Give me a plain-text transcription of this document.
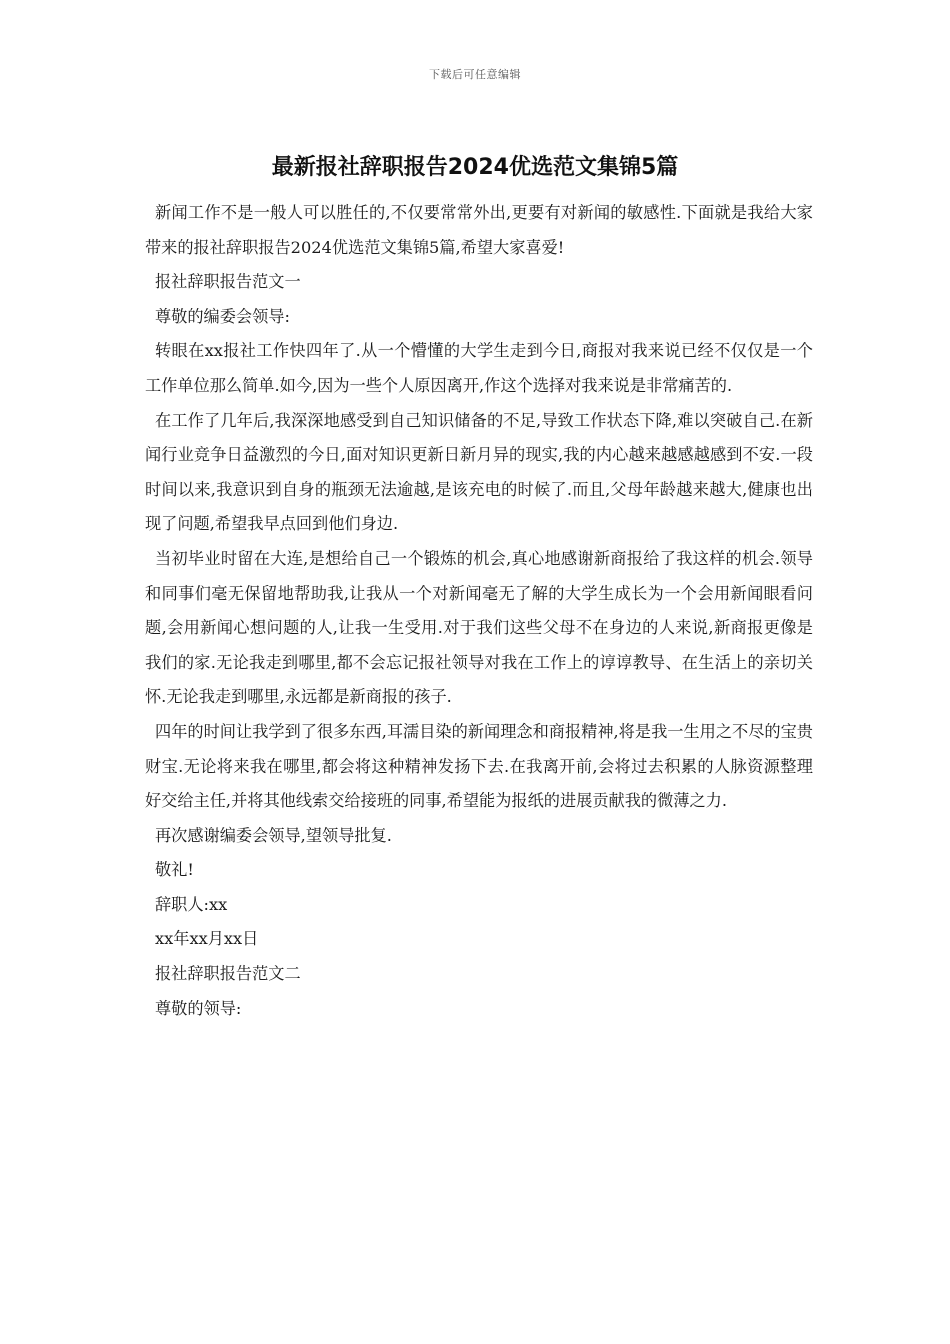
下载后可任意编辑
最新报社辞职报告2024优选范文集锦5篇

新闻工作不是一般人可以胜任的,不仅要常常外出,更要有对新闻的敏感性.下面就是我给大家带来的报社辞职报告2024优选范文集锦5篇,希望大家喜爱!

报社辞职报告范文一

尊敬的编委会领导:

转眼在xx报社工作快四年了.从一个懵懂的大学生走到今日,商报对我来说已经不仅仅是一个工作单位那么简单.如今,因为一些个人原因离开,作这个选择对我来说是非常痛苦的.

在工作了几年后,我深深地感受到自己知识储备的不足,导致工作状态下降,难以突破自己.在新闻行业竞争日益激烈的今日,面对知识更新日新月异的现实,我的内心越来越感越感到不安.一段时间以来,我意识到自身的瓶颈无法逾越,是该充电的时候了.而且,父母年龄越来越大,健康也出现了问题,希望我早点回到他们身边.

当初毕业时留在大连,是想给自己一个锻炼的机会,真心地感谢新商报给了我这样的机会.领导和同事们毫无保留地帮助我,让我从一个对新闻毫无了解的大学生成长为一个会用新闻眼看问题,会用新闻心想问题的人,让我一生受用.对于我们这些父母不在身边的人来说,新商报更像是我们的家.无论我走到哪里,都不会忘记报社领导对我在工作上的谆谆教导、在生活上的亲切关怀.无论我走到哪里,永远都是新商报的孩子.

四年的时间让我学到了很多东西,耳濡目染的新闻理念和商报精神,将是我一生用之不尽的宝贵财宝.无论将来我在哪里,都会将这种精神发扬下去.在我离开前,会将过去积累的人脉资源整理好交给主任,并将其他线索交给接班的同事,希望能为报纸的进展贡献我的微薄之力.

再次感谢编委会领导,望领导批复.

敬礼!

辞职人:xx

xx年xx月xx日

报社辞职报告范文二

尊敬的领导:
